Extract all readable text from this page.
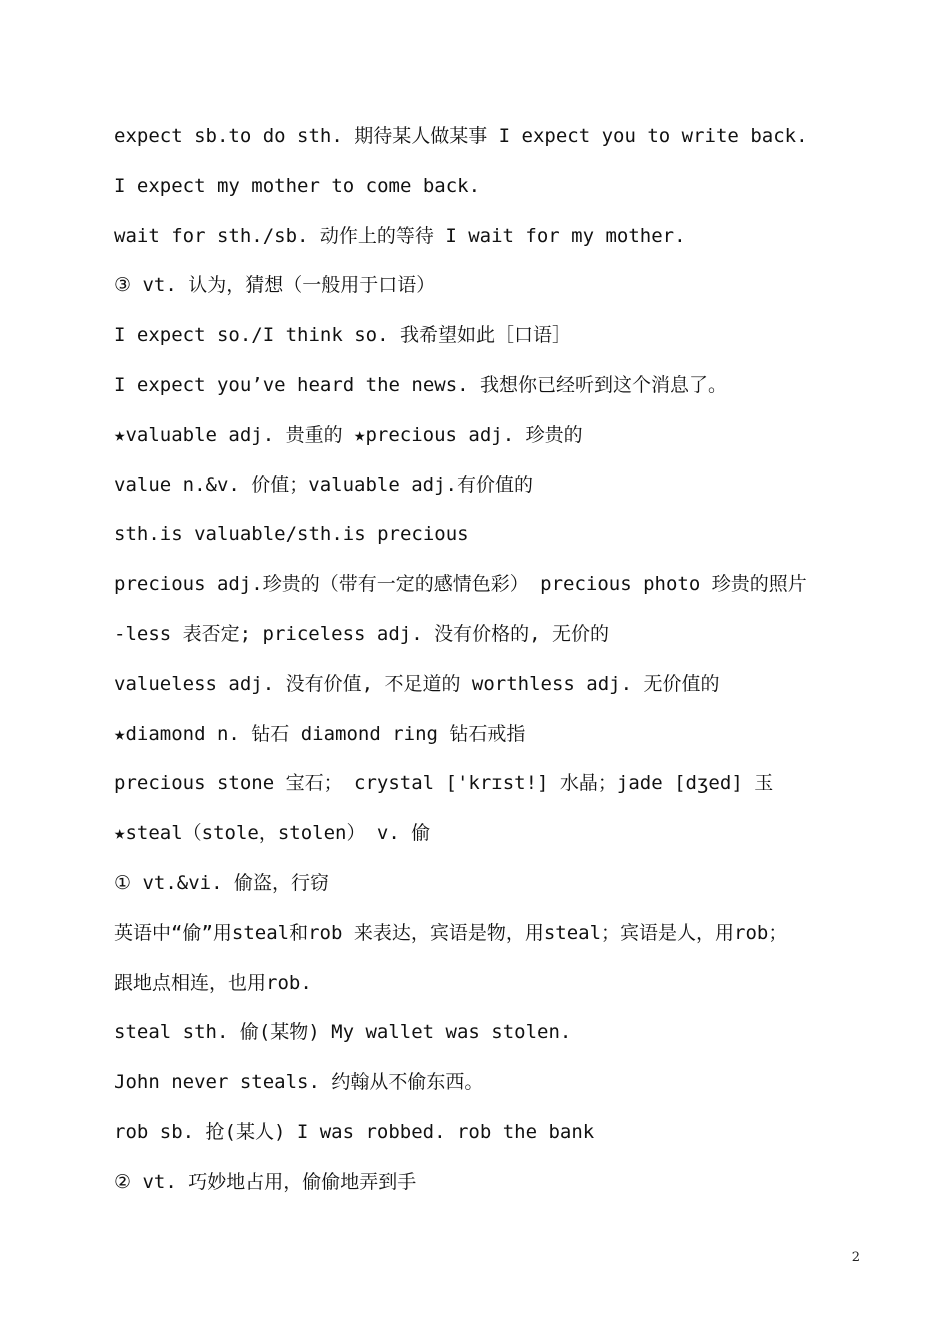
expect sb.to do sth. 期待某人做某事 I expect you to write back.
I expect my mother to come back.
wait for sth./sb. 动作上的等待 I wait for my mother.
③ vt. 认为，猜想（一般用于口语）
I expect so./I think so. 我希望如此［口语］
I expect you’ve heard the news. 我想你已经听到这个消息了。
★valuable adj. 贵重的 ★precious adj. 珍贵的
value n.&v. 价值；valuable adj.有价值的
sth.is valuable/sth.is precious
precious adj.珍贵的（带有一定的感情色彩） precious photo 珍贵的照片
-less 表否定; priceless adj. 没有价格的, 无价的
valueless adj. 没有价值, 不足道的 worthless adj. 无价值的
★diamond n. 钻石 diamond ring 钻石戒指
precious stone 宝石； crystal ['krɪst!] 水晶；jade [dʒed] 玉
★steal（stole，stolen） v. 偷
① vt.&vi. 偷盗，行窃
英语中“偷”用steal和rob 来表达，宾语是物，用steal；宾语是人，用rob；
跟地点相连，也用rob.
steal sth. 偷(某物) My wallet was stolen.
John never steals. 约翰从不偷东西。
rob sb. 抢(某人) I was robbed. rob the bank
② vt. 巧妙地占用，偷偷地弄到手
2
